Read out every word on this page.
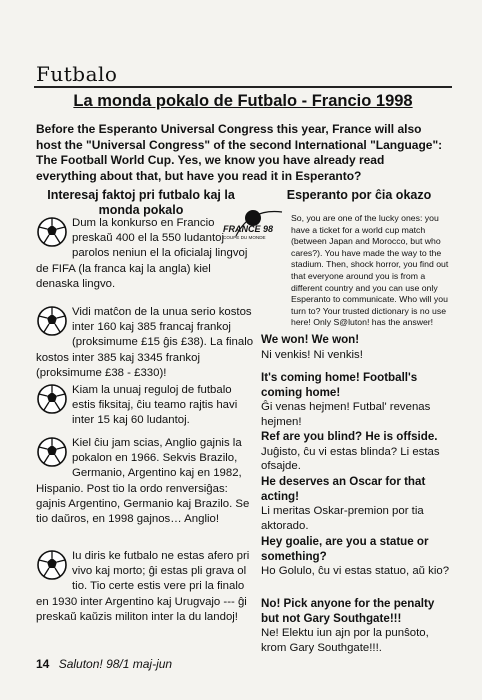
Futbalo
La monda pokalo de Futbalo - Francio 1998
Before the Esperanto Universal Congress this year, France will also host the "Universal Congress" of the second International "Language": The Football World Cup. Yes, we know you have already read everything about that, but have you read it in Esperanto?
Interesaj faktoj pri futbalo kaj la monda pokalo
Dum la konkurso en Francio preskaŭ 400 el la 550 ludantoj parolos neniun el la oficialaj lingvoj de FIFA (la franca kaj la angla) kiel denaska lingvo.
Vidi matĉon de la unua serio kostos inter 160 kaj 385 francaj frankoj (proksimume £15 ĝis £38). La finalo kostos inter 385 kaj 3345 frankoj (proksimume £38 - £330)!
Kiam la unuaj reguloj de futbalo estis fiksitaj, ĉiu teamo rajtis havi inter 15 kaj 60 ludantoj.
Kiel ĉiu jam scias, Anglio gajnis la pokalon en 1966. Sekvis Brazilo, Germanio, Argentino kaj en 1982, Hispanio. Post tio la ordo renversiĝas: gajnis Argentino, Germanio kaj Brazilo. Se tio daŭros, en 1998 gajnos… Anglio!
Iu diris ke futbalo ne estas afero pri vivo kaj morto; ĝi estas pli grava ol tio. Tio certe estis vere pri la finalo en 1930 inter Argentino kaj Urugvajo --- ĝi preskaŭ kaŭzis militon inter la du landoj!
Esperanto por ĉia okazo
FRANCE 98
COUPE DU MONDE
So, you are one of the lucky ones: you have a ticket for a world cup match (between Japan and Morocco, but who cares?). You have made the way to the stadium. Then, shock horror, you find out that everyone around you is from a different country and you can use only Esperanto to communicate. Who will you turn to? Your trusted dictionary is no use here! Only S@luton! has the answer!
We won! We won!
Ni venkis! Ni venkis!
It's coming home! Football's coming home!
Ĝi venas hejmen! Futbal' revenas hejmen!
Ref are you blind? He is offside.
Juĝisto, ĉu vi estas blinda? Li estas ofsajde.
He deserves an Oscar for that acting!
Li meritas Oskar-premion por tia aktorado.
Hey goalie, are you a statue or something?
Ho Golulo, ĉu vi estas statuo, aŭ kio?
No! Pick anyone for the penalty but not Gary Southgate!!!
Ne! Elektu iun ajn por la punŝoto, krom Gary Southgate!!!.
14 Saluton! 98/1 maj-jun
